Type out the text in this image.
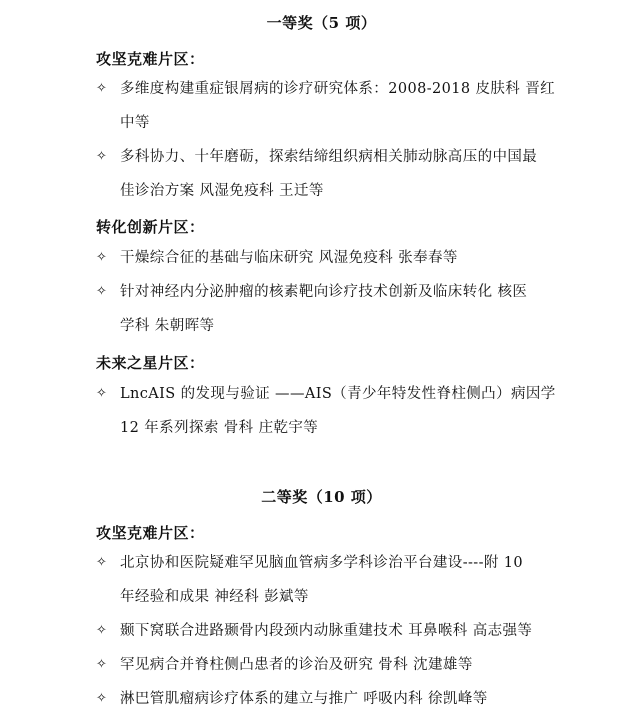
一等奖（5 项）
攻坚克难片区：
✧ 多维度构建重症银屑病的诊疗研究体系：2008-2018 皮肤科 晋红
中等
✧ 多科协力、十年磨砺，探索结缔组织病相关肺动脉高压的中国最
佳诊治方案 风湿免疫科 王迁等
转化创新片区：
✧ 干燥综合征的基础与临床研究 风湿免疫科 张奉春等
✧ 针对神经内分泌肿瘤的核素靶向诊疗技术创新及临床转化 核医
学科 朱朝晖等
未来之星片区：
✧ LncAIS 的发现与验证 ——AIS（青少年特发性脊柱侧凸）病因学
12 年系列探索 骨科 庄乾宇等
二等奖（10 项）
攻坚克难片区：
✧ 北京协和医院疑难罕见脑血管病多学科诊治平台建设----附 10
年经验和成果 神经科 彭斌等
✧ 颞下窝联合进路颞骨内段颈内动脉重建技术 耳鼻喉科 高志强等
✧ 罕见病合并脊柱侧凸患者的诊治及研究 骨科 沈建雄等
✧ 淋巴管肌瘤病诊疗体系的建立与推广 呼吸内科 徐凯峰等
